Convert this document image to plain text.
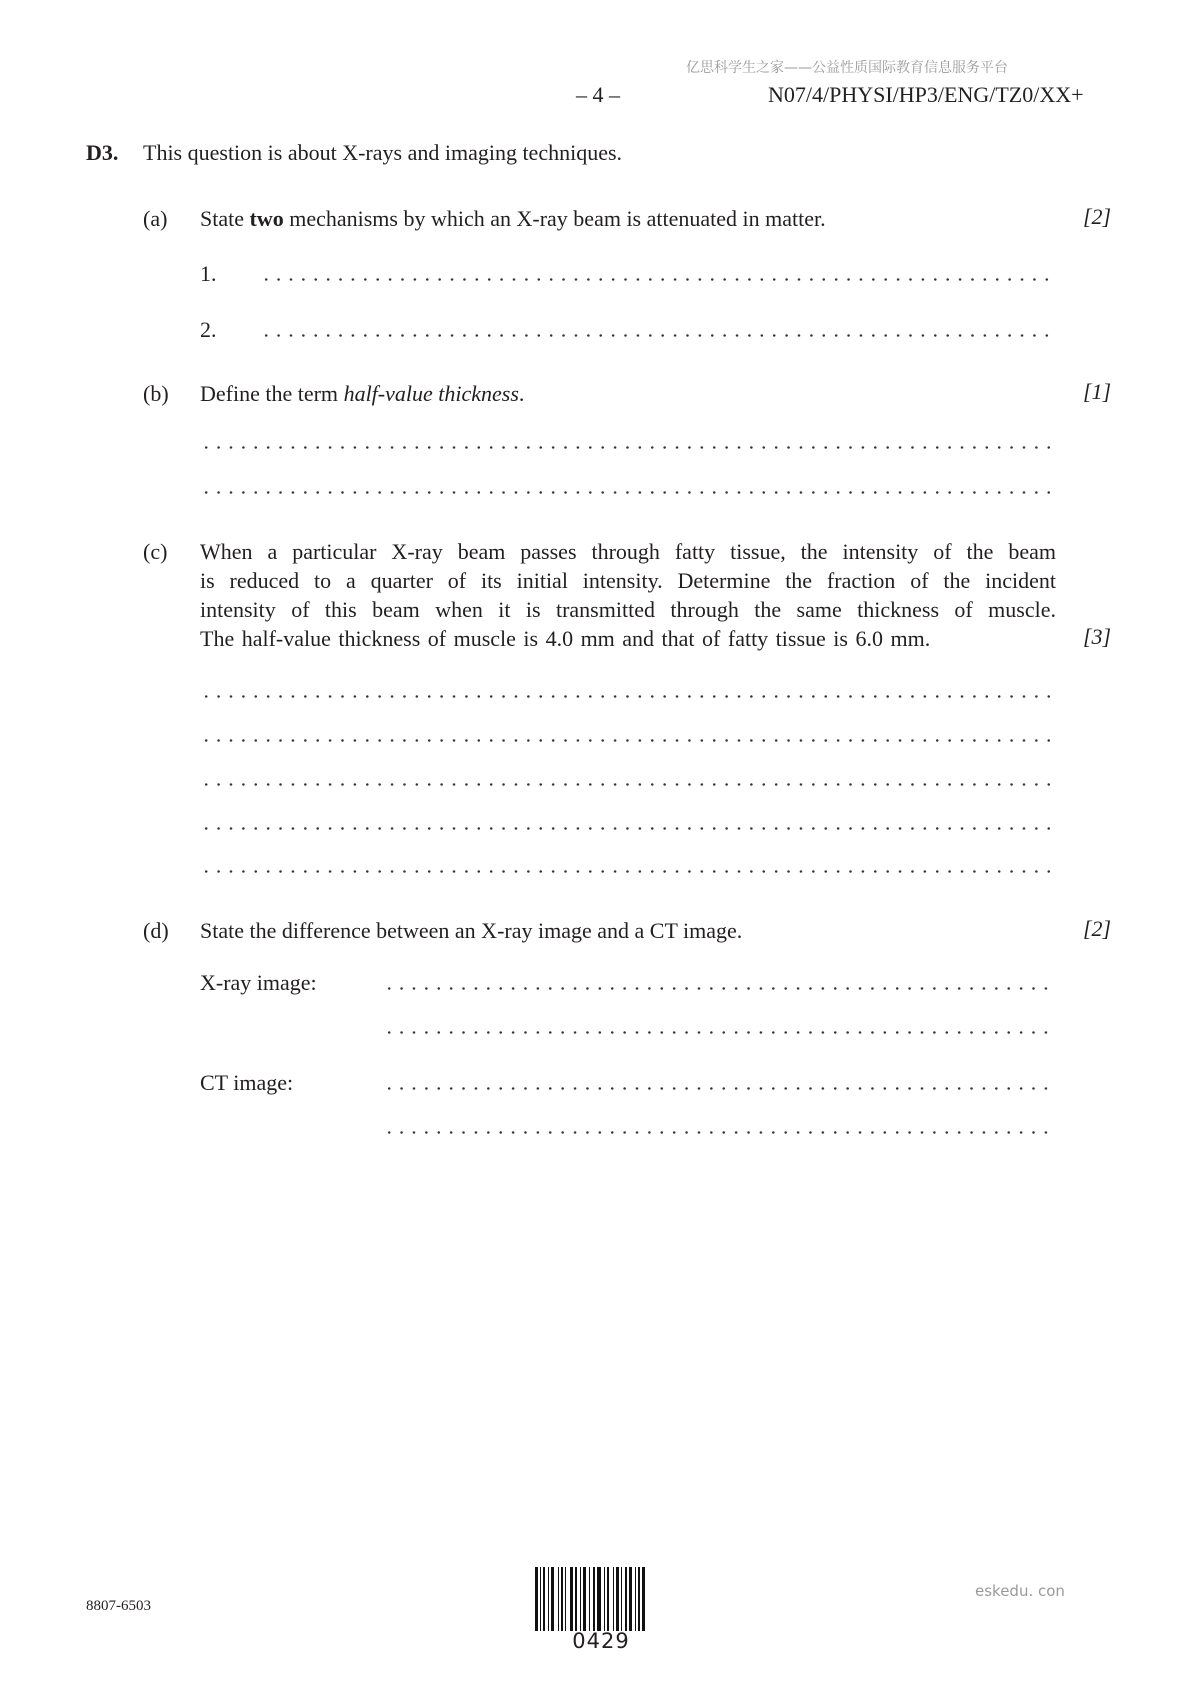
亿思科学生之家——公益性质国际教育信息服务平台
– 4 –	N07/4/PHYSI/HP3/ENG/TZ0/XX+
D3. This question is about X-rays and imaging techniques.
(a) State two mechanisms by which an X-ray beam is attenuated in matter.	[2]
1.
2.
(b) Define the term half-value thickness.	[1]
(c) When a particular X-ray beam passes through fatty tissue, the intensity of the beam
is reduced to a quarter of its initial intensity. Determine the fraction of the incident
intensity of this beam when it is transmitted through the same thickness of muscle.
The half-value thickness of muscle is 4.0 mm and that of fatty tissue is 6.0 mm.	[3]
(d) State the difference between an X-ray image and a CT image.	[2]
X-ray image:
CT image:
8807-6503
0429
eskedu. con
